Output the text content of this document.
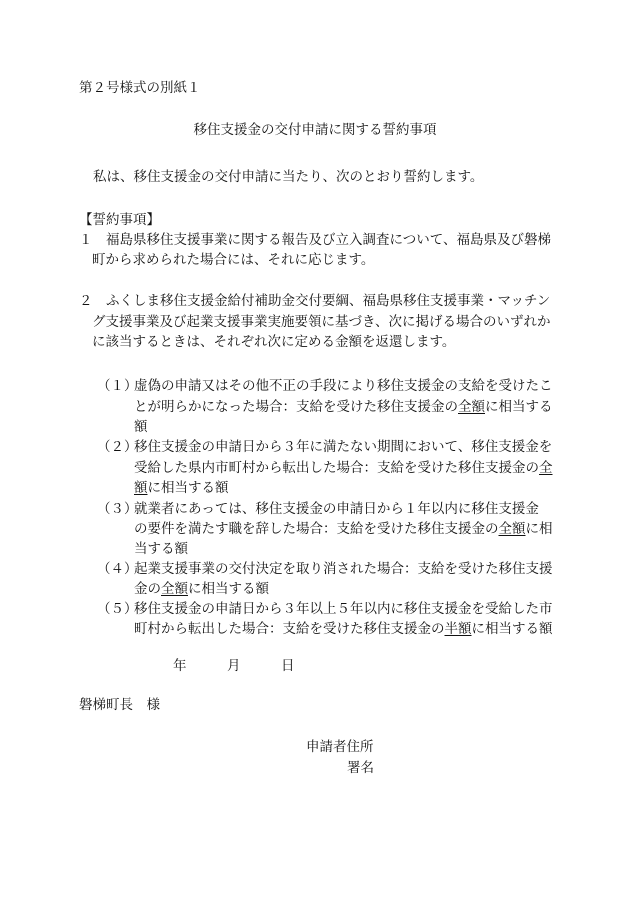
第２号様式の別紙１
移住支援金の交付申請に関する誓約事項
私は、移住支援金の交付申請に当たり、次のとおり誓約します。
【誓約事項】
１ 福島県移住支援事業に関する報告及び立入調査について、福島県及び磐梯
町から求められた場合には、それに応じます。
２ ふくしま移住支援金給付補助金交付要綱、福島県移住支援事業・マッチン
グ支援事業及び起業支援事業実施要領に基づき、次に掲げる場合のいずれか
に該当するときは、それぞれ次に定める金額を返還します。
（１）
虚偽の申請又はその他不正の手段により移住支援金の支給を受けたこ
とが明らかになった場合：支給を受けた移住支援金の全額に相当する
額
（２）
移住支援金の申請日から３年に満たない期間において、移住支援金を
受給した県内市町村から転出した場合：支給を受けた移住支援金の全
額に相当する額
（３）
就業者にあっては、移住支援金の申請日から１年以内に移住支援金
の要件を満たす職を辞した場合：支給を受けた移住支援金の全額に相
当する額
（４）
起業支援事業の交付決定を取り消された場合：支給を受けた移住支援
金の全額に相当する額
（５）
移住支援金の申請日から３年以上５年以内に移住支援金を受給した市
町村から転出した場合：支給を受けた移住支援金の半額に相当する額
年	月	日
磐梯町長　様
申請者住所
署名
